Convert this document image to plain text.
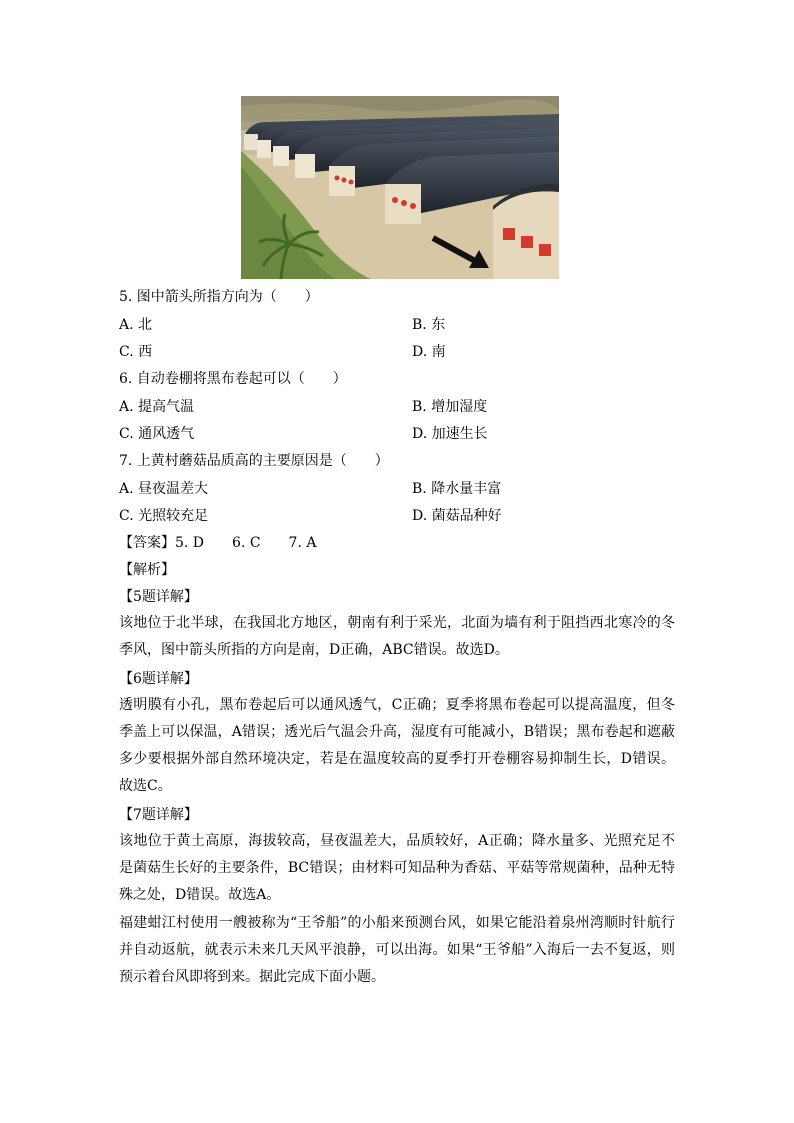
5. 图中箭头所指方向为（　　）
A. 北	B. 东
C. 西	D. 南
6. 自动卷棚将黑布卷起可以（　　）
A. 提高气温	B. 增加湿度
C. 通风透气	D. 加速生长
7. 上黄村蘑菇品质高的主要原因是（　　）
A. 昼夜温差大	B. 降水量丰富
C. 光照较充足	D. 菌菇品种好
【答案】5. D　　6. C　　7. A
【解析】
【5题详解】
该地位于北半球，在我国北方地区，朝南有利于采光，北面为墙有利于阻挡西北寒冷的冬季风，图中箭头所指的方向是南，D正确，ABC错误。故选D。
【6题详解】
透明膜有小孔，黑布卷起后可以通风透气，C正确；夏季将黑布卷起可以提高温度，但冬季盖上可以保温，A错误；透光后气温会升高，湿度有可能减小，B错误；黑布卷起和遮蔽多少要根据外部自然环境决定，若是在温度较高的夏季打开卷棚容易抑制生长，D错误。故选C。
【7题详解】
该地位于黄土高原，海拔较高，昼夜温差大，品质较好，A正确；降水量多、光照充足不是菌菇生长好的主要条件，BC错误；由材料可知品种为香菇、平菇等常规菌种，品种无特殊之处，D错误。故选A。
福建蚶江村使用一艘被称为“王爷船”的小船来预测台风，如果它能沿着泉州湾顺时针航行并自动返航，就表示未来几天风平浪静，可以出海。如果“王爷船”入海后一去不复返，则预示着台风即将到来。据此完成下面小题。
